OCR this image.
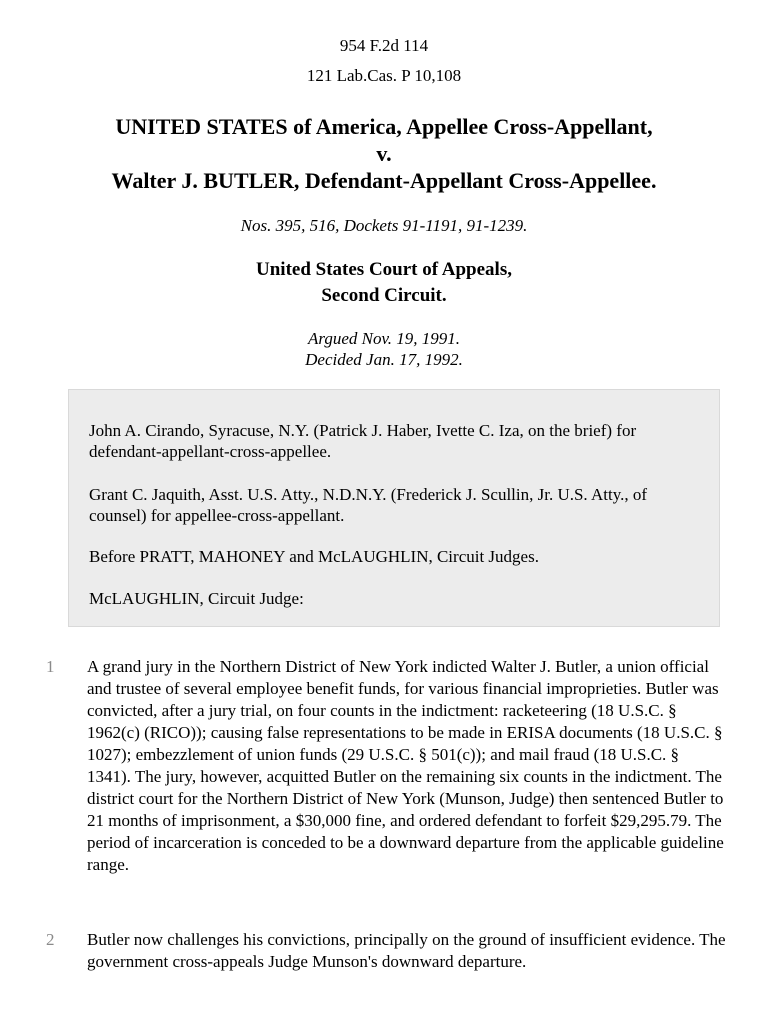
954 F.2d 114
121 Lab.Cas. P 10,108
UNITED STATES of America, Appellee Cross-Appellant,
v.
Walter J. BUTLER, Defendant-Appellant Cross-Appellee.
Nos. 395, 516, Dockets 91-1191, 91-1239.
United States Court of Appeals,
Second Circuit.
Argued Nov. 19, 1991.
Decided Jan. 17, 1992.
John A. Cirando, Syracuse, N.Y. (Patrick J. Haber, Ivette C. Iza, on the brief) for defendant-appellant-cross-appellee.
Grant C. Jaquith, Asst. U.S. Atty., N.D.N.Y. (Frederick J. Scullin, Jr. U.S. Atty., of counsel) for appellee-cross-appellant.
Before PRATT, MAHONEY and McLAUGHLIN, Circuit Judges.
McLAUGHLIN, Circuit Judge:
1 A grand jury in the Northern District of New York indicted Walter J. Butler, a union official and trustee of several employee benefit funds, for various financial improprieties. Butler was convicted, after a jury trial, on four counts in the indictment: racketeering (18 U.S.C. § 1962(c) (RICO)); causing false representations to be made in ERISA documents (18 U.S.C. § 1027); embezzlement of union funds (29 U.S.C. § 501(c)); and mail fraud (18 U.S.C. § 1341). The jury, however, acquitted Butler on the remaining six counts in the indictment. The district court for the Northern District of New York (Munson, Judge) then sentenced Butler to 21 months of imprisonment, a $30,000 fine, and ordered defendant to forfeit $29,295.79. The period of incarceration is conceded to be a downward departure from the applicable guideline range.
2 Butler now challenges his convictions, principally on the ground of insufficient evidence. The government cross-appeals Judge Munson's downward departure.
